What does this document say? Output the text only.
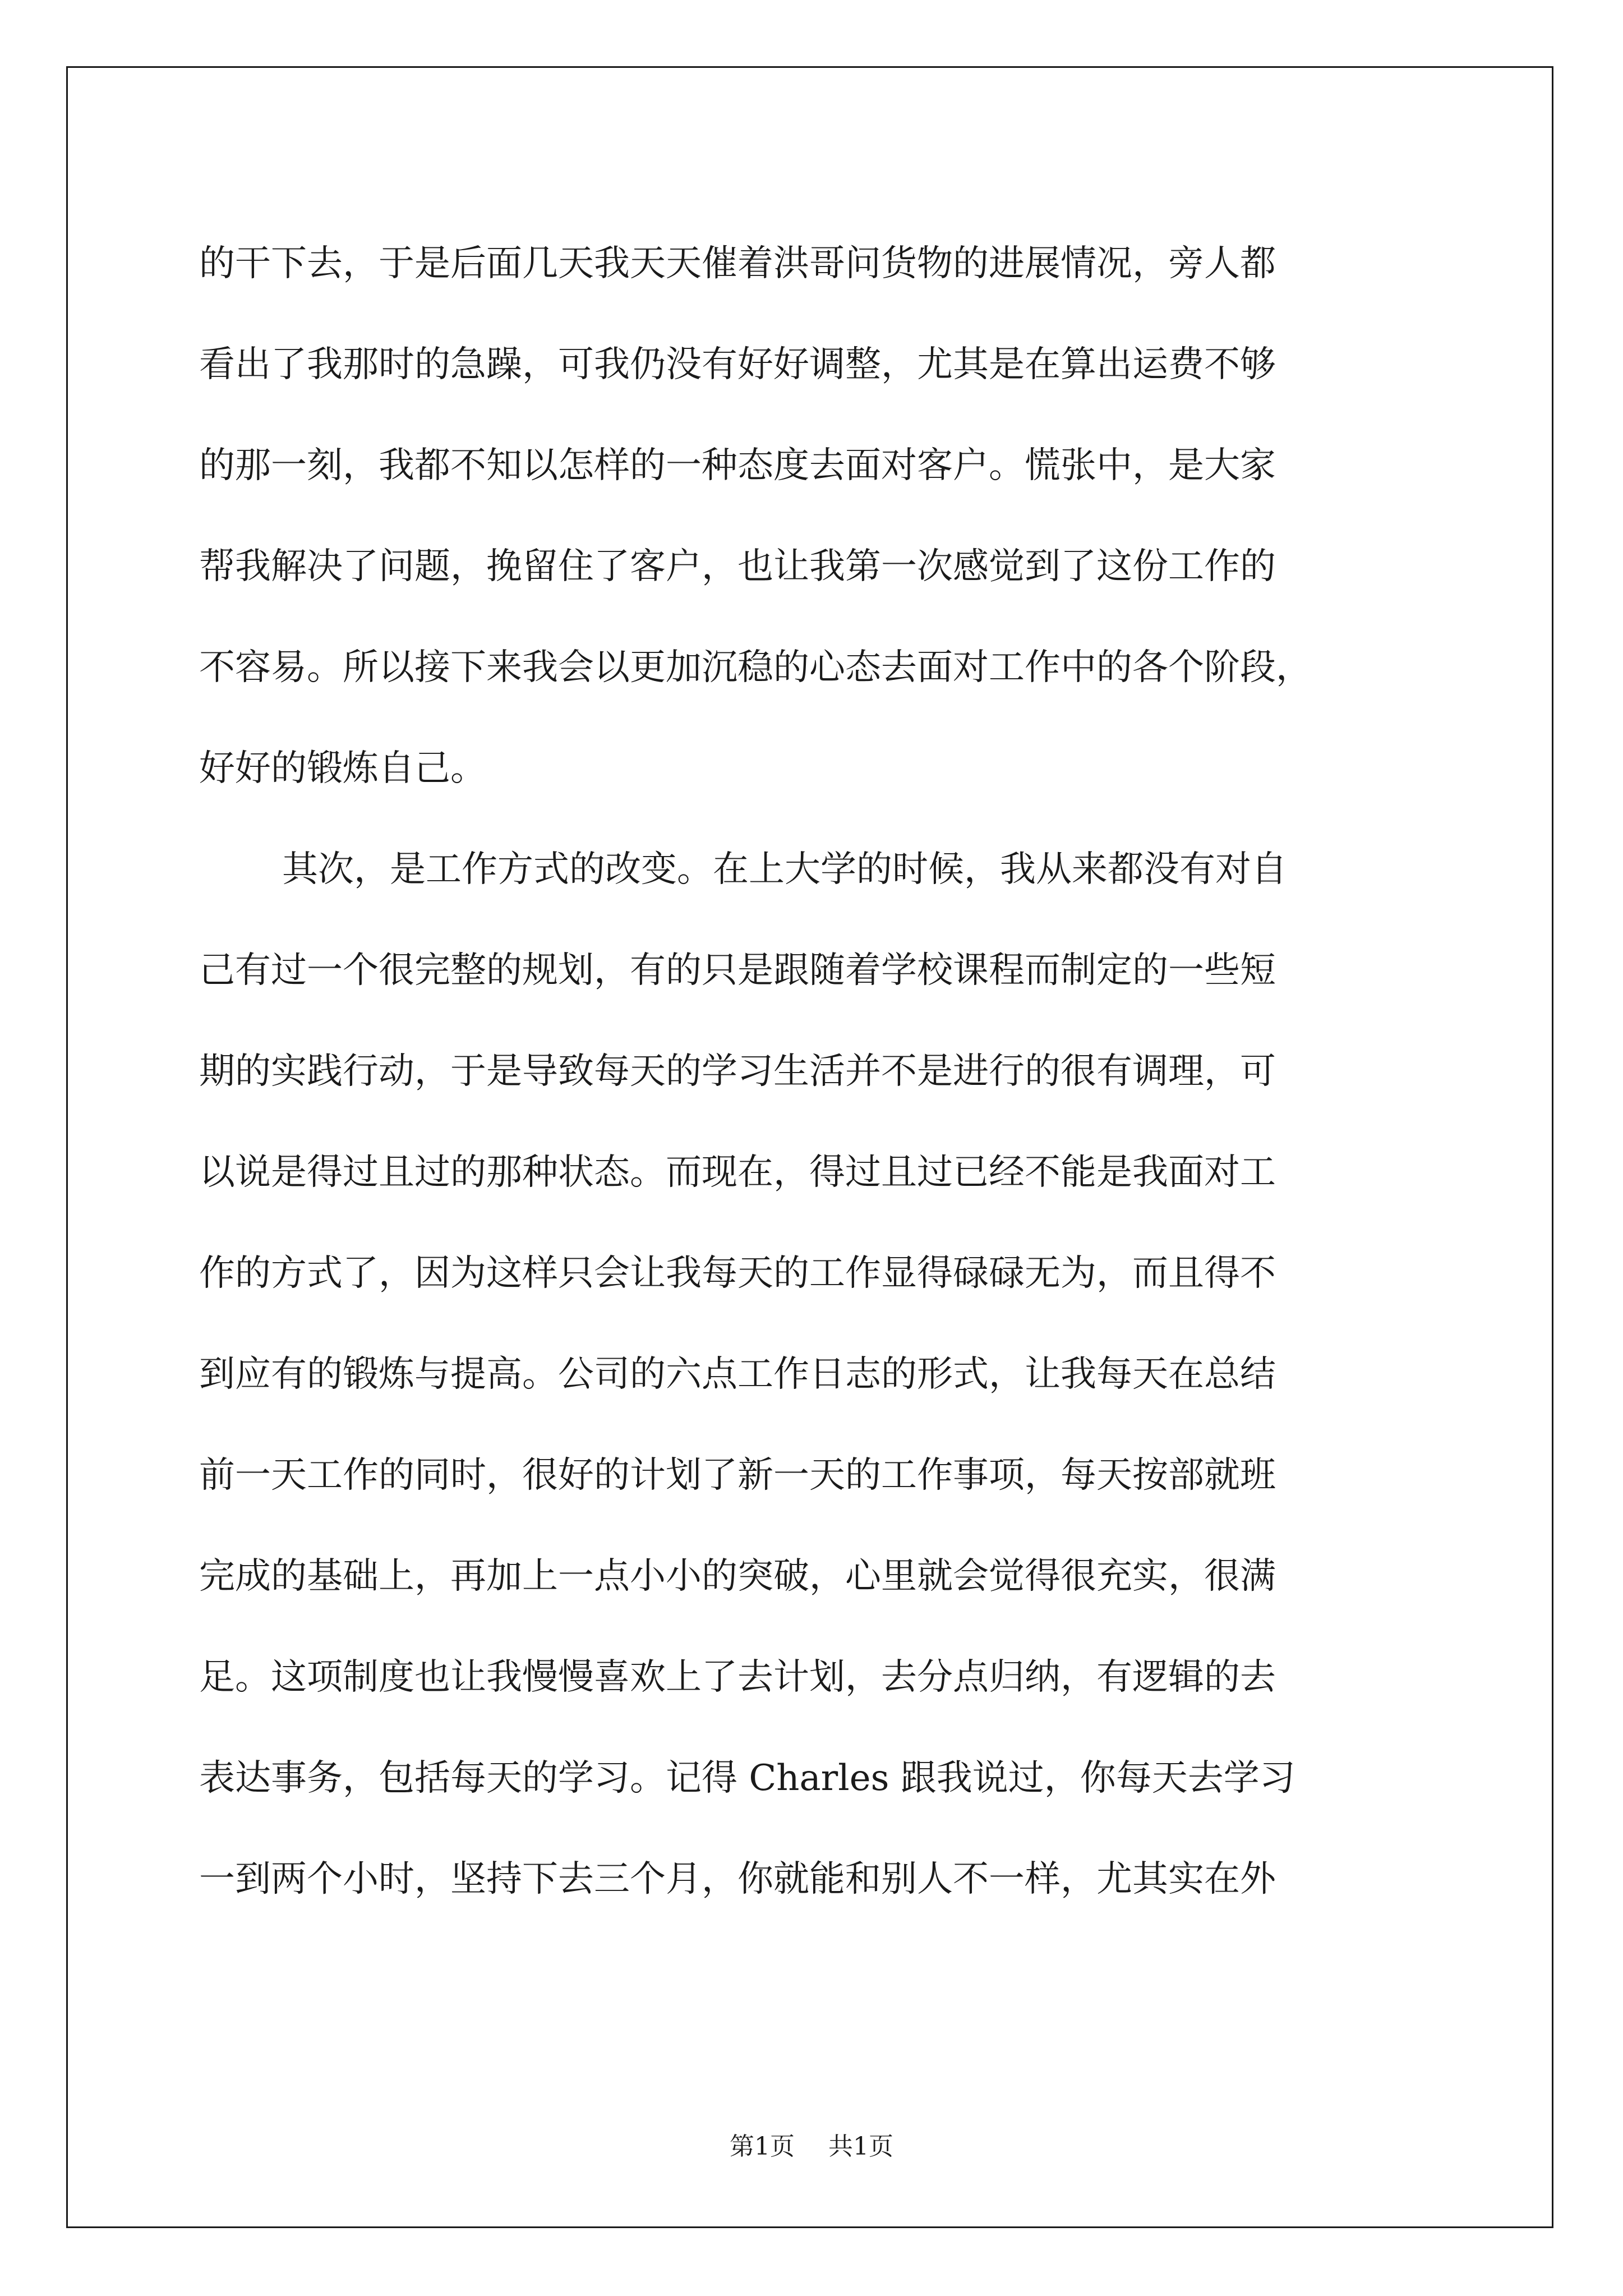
的干下去，于是后面几天我天天催着洪哥问货物的进展情况，旁人都
看出了我那时的急躁，可我仍没有好好调整，尤其是在算出运费不够
的那一刻，我都不知以怎样的一种态度去面对客户。慌张中，是大家
帮我解决了问题，挽留住了客户，也让我第一次感觉到了这份工作的
不容易。所以接下来我会以更加沉稳的心态去面对工作中的各个阶段，
好好的锻炼自己。
其次，是工作方式的改变。在上大学的时候，我从来都没有对自
己有过一个很完整的规划，有的只是跟随着学校课程而制定的一些短
期的实践行动，于是导致每天的学习生活并不是进行的很有调理，可
以说是得过且过的那种状态。而现在，得过且过已经不能是我面对工
作的方式了，因为这样只会让我每天的工作显得碌碌无为，而且得不
到应有的锻炼与提高。公司的六点工作日志的形式，让我每天在总结
前一天工作的同时，很好的计划了新一天的工作事项，每天按部就班
完成的基础上，再加上一点小小的突破，心里就会觉得很充实，很满
足。这项制度也让我慢慢喜欢上了去计划，去分点归纳，有逻辑的去
表达事务，包括每天的学习。记得 Charles 跟我说过，你每天去学习
一到两个小时，坚持下去三个月，你就能和别人不一样，尤其实在外
第1页 共1页
